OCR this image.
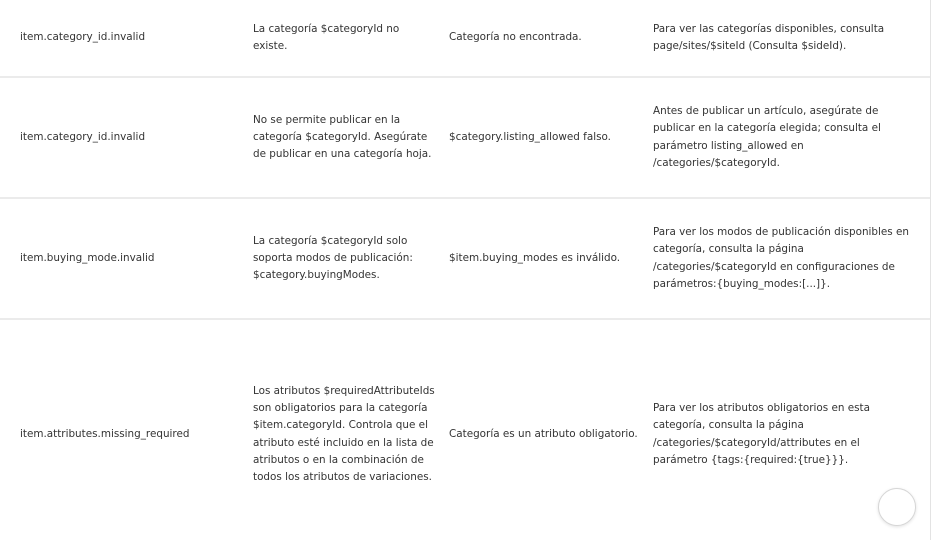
item.category_id.invalid	La categoría $categoryId no existe.	Categoría no encontrada.	Para ver las categorías disponibles, consulta page/sites/$siteId (Consulta $sideId).
item.category_id.invalid	No se permite publicar en la categoría $categoryId. Asegúrate de publicar en una categoría hoja.	$category.listing_allowed falso.	Antes de publicar un artículo, asegúrate de publicar en la categoría elegida; consulta el parámetro listing_allowed en /categories/$categoryId.
item.buying_mode.invalid	La categoría $categoryId solo soporta modos de publicación: $category.buyingModes.	$item.buying_modes es inválido.	Para ver los modos de publicación disponibles en categoría, consulta la página /categories/$categoryId en configuraciones de parámetros:{buying_modes:[...]}.
item.attributes.missing_required	Los atributos $requiredAttributeIds son obligatorios para la categoría $item.categoryId. Controla que el atributo esté incluido en la lista de atributos o en la combinación de todos los atributos de variaciones.	Categoría es un atributo obligatorio.	Para ver los atributos obligatorios en esta categoría, consulta la página /categories/$categoryId/attributes en el parámetro {tags:{required:{true}}}.
